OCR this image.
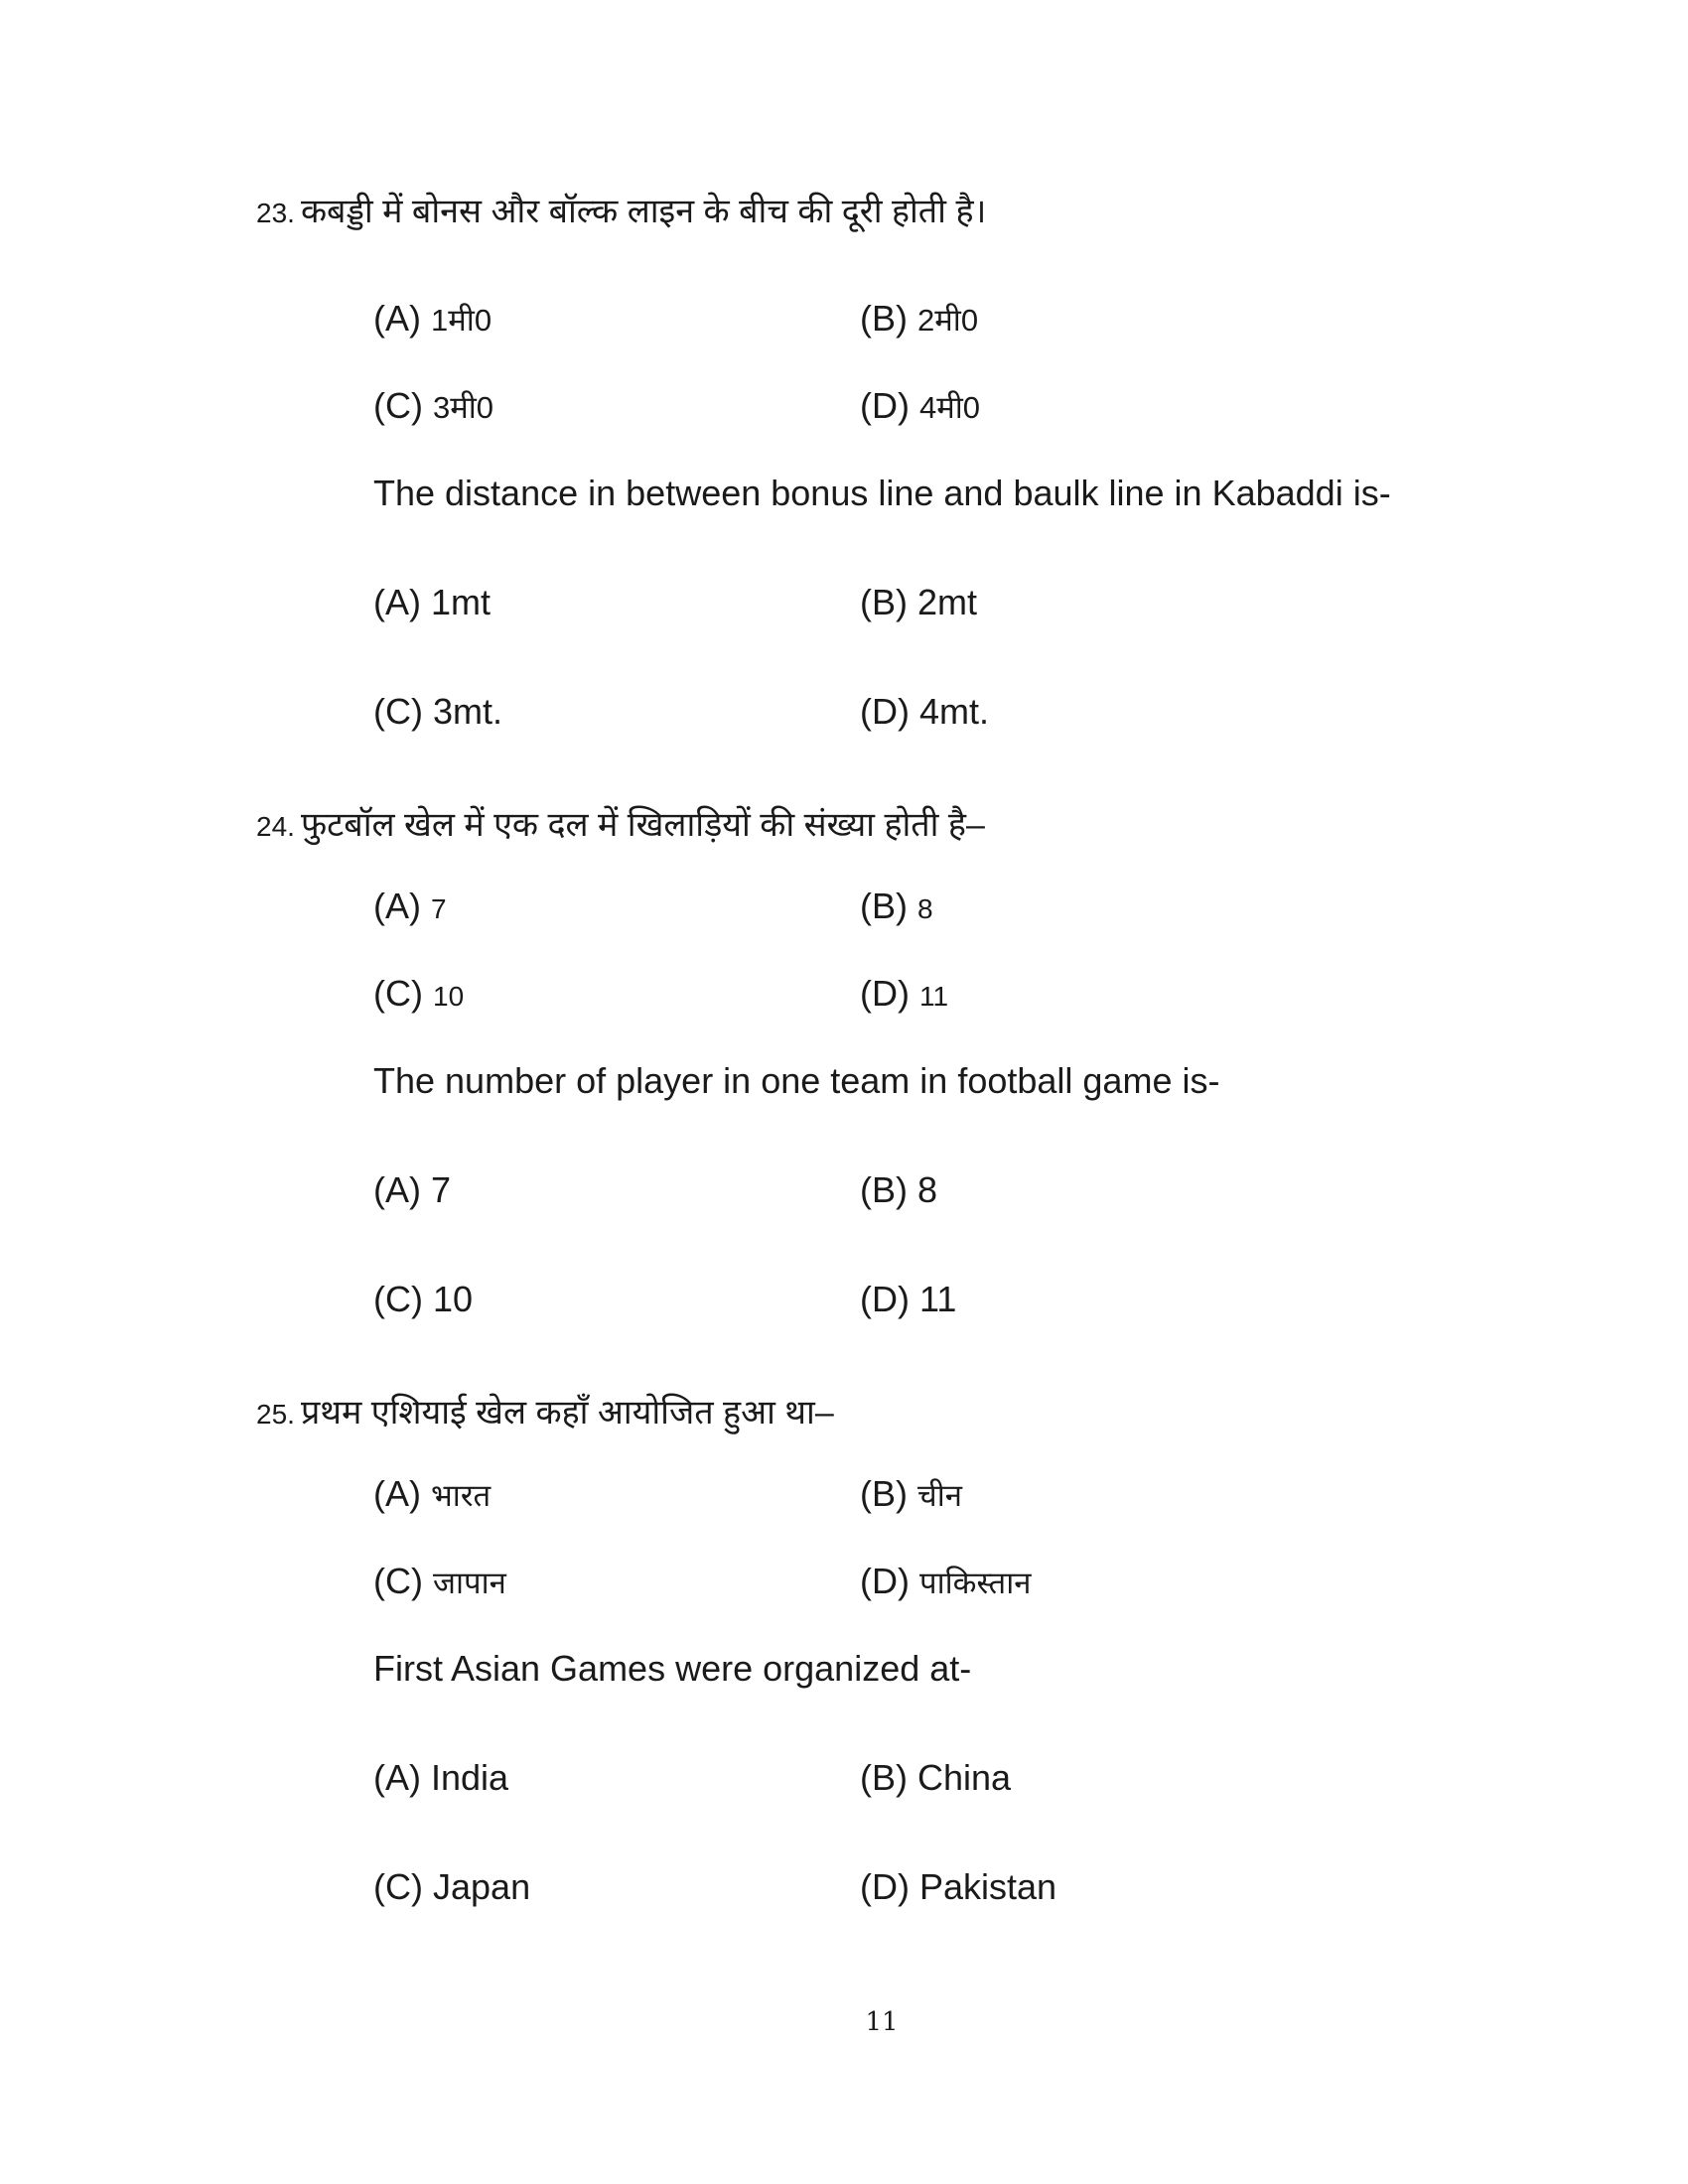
23. कबड्डी में बोनस और बॉल्क लाइन के बीच की दूरी होती है।
(A) 1मी0	(B) 2मी0
(C) 3मी0	(D) 4मी0
The distance in between bonus line and baulk line in Kabaddi is-
(A) 1mt	(B) 2mt
(C) 3mt.	(D) 4mt.
24. फुटबॉल खेल में एक दल में खिलाड़ियों की संख्या होती है–
(A) 7	(B) 8
(C) 10	(D) 11
The number of player in one team in football game is-
(A) 7	(B) 8
(C) 10	(D) 11
25. प्रथम एशियाई खेल कहाँ आयोजित हुआ था–
(A) भारत	(B) चीन
(C) जापान	(D) पाकिस्तान
First Asian Games were organized at-
(A) India	(B) China
(C) Japan	(D) Pakistan
11
